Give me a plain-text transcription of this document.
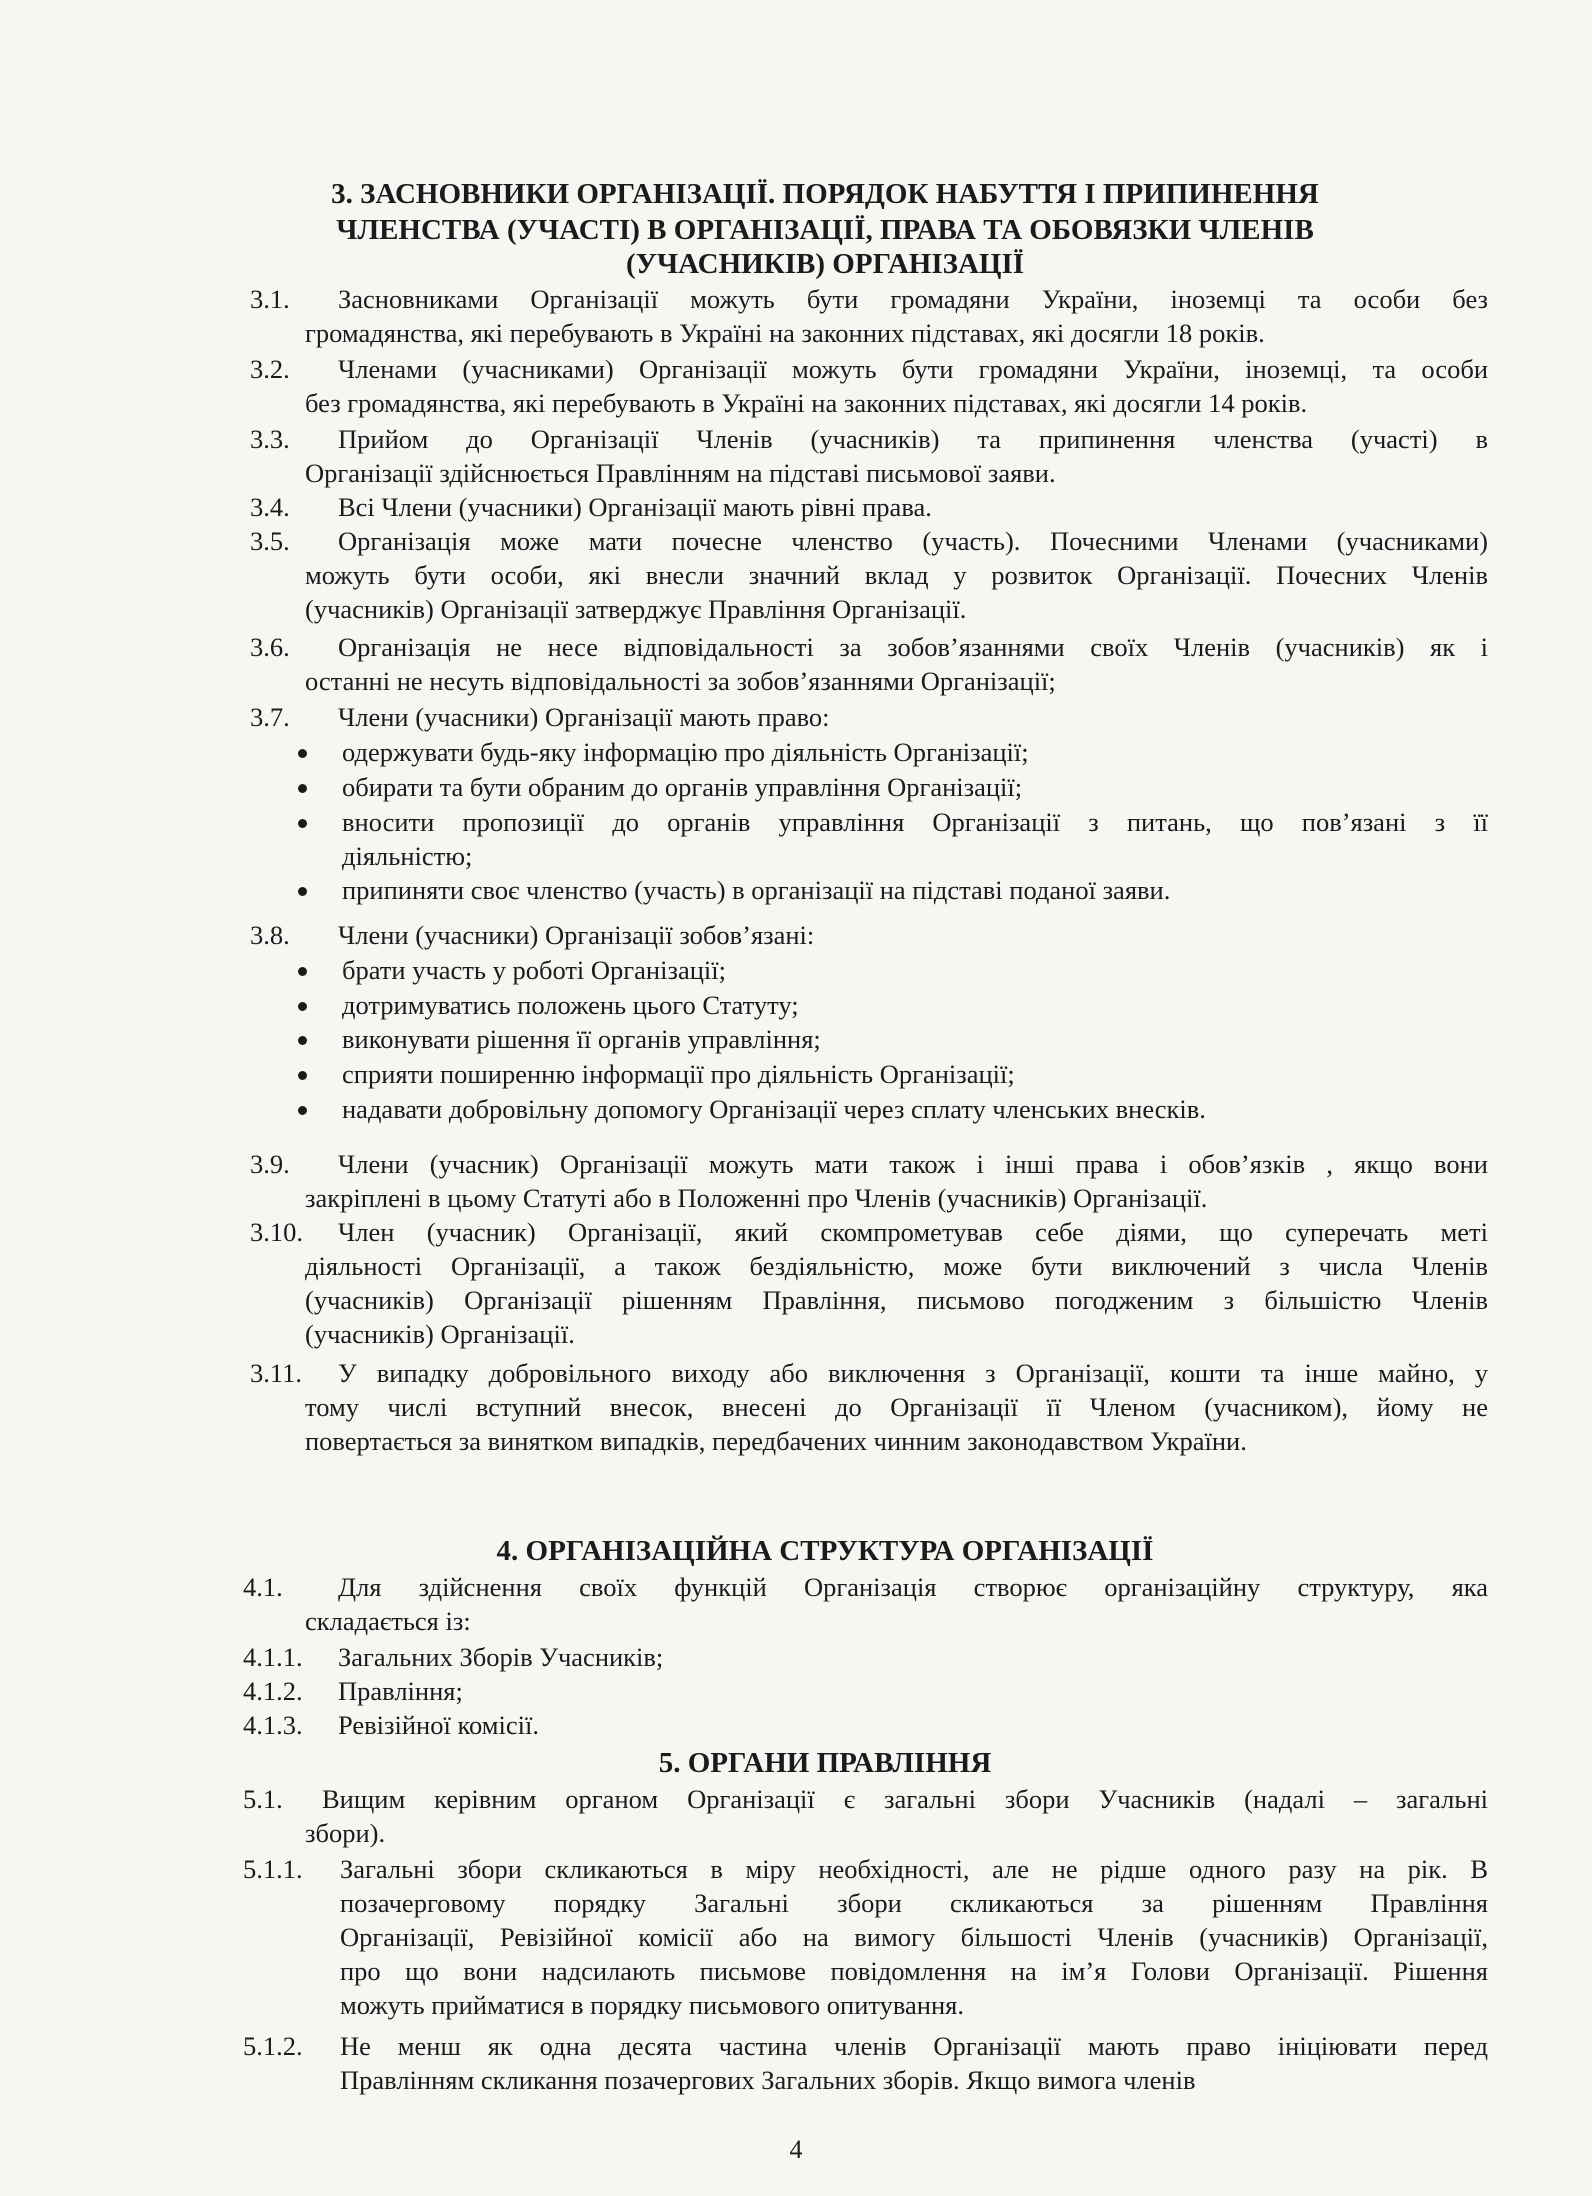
3. ЗАСНОВНИКИ ОРГАНІЗАЦІЇ. ПОРЯДОК НАБУТТЯ І ПРИПИНЕННЯ
ЧЛЕНСТВА (УЧАСТІ) В ОРГАНІЗАЦІЇ, ПРАВА ТА ОБОВЯЗКИ ЧЛЕНІВ
(УЧАСНИКІВ) ОРГАНІЗАЦІЇ
3.1. Засновниками Організації можуть бути громадяни України, іноземці та особи без
громадянства, які перебувають в Україні на законних підставах, які досягли 18 років.
3.2. Членами (учасниками) Організації можуть бути громадяни України, іноземці, та особи
без громадянства, які перебувають в Україні на законних підставах, які досягли 14 років.
3.3. Прийом до Організації Членів (учасників) та припинення членства (участі) в
Організації здійснюється Правлінням на підставі письмової заяви.
3.4. Всі Члени (учасники) Організації мають рівні права.
3.5. Організація може мати почесне членство (участь). Почесними Членами (учасниками)
можуть бути особи, які внесли значний вклад у розвиток Організації. Почесних Членів
(учасників) Організації затверджує Правління Організації.
3.6. Організація не несе відповідальності за зобов’язаннями своїх Членів (учасників) як і
останні не несуть відповідальності за зобов’язаннями Організації;
3.7. Члени (учасники) Організації мають право:
3.8. Члени (учасники) Організації зобов’язані:
3.9. Члени (учасник) Організації можуть мати також і інші права і обов’язків , якщо вони
закріплені в цьому Статуті або в Положенні про Членів (учасників) Організації.
3.10. Член (учасник) Організації, який скомпрометував себе діями, що суперечать меті
діяльності Організації, а також бездіяльністю, може бути виключений з числа Членів
(учасників) Організації рішенням Правління, письмово погодженим з більшістю Членів
(учасників) Організації.
3.11. У випадку добровільного виходу або виключення з Організації, кошти та інше майно, у
тому числі вступний внесок, внесені до Організації її Членом (учасником), йому не
повертається за винятком випадків, передбачених чинним законодавством України.
одержувати будь-яку інформацію про діяльність Організації;
обирати та бути обраним до органів управління Організації;
вносити пропозиції до органів управління Організації з питань, що пов’язані з її
діяльністю;
припиняти своє членство (участь) в організації на підставі поданої заяви.
брати участь у роботі Організації;
дотримуватись положень цього Статуту;
виконувати рішення її органів управління;
сприяти поширенню інформації про діяльність Організації;
надавати добровільну допомогу Організації через сплату членських внесків.
4. ОРГАНІЗАЦІЙНА СТРУКТУРА ОРГАНІЗАЦІЇ
4.1. Для здійснення своїх функцій Організація створює організаційну структуру, яка
складається із:
4.1.1. Загальних Зборів Учасників;
4.1.2. Правління;
4.1.3. Ревізійної комісії.
5. ОРГАНИ ПРАВЛІННЯ
5.1. Вищим керівним органом Організації є загальні збори Учасників (надалі – загальні
збори).
5.1.1. Загальні збори скликаються в міру необхідності, але не рідше одного разу на рік. В
позачерговому порядку Загальні збори скликаються за рішенням Правління
Організації, Ревізійної комісії або на вимогу більшості Членів (учасників) Організації,
про що вони надсилають письмове повідомлення на ім’я Голови Організації. Рішення
можуть прийматися в порядку письмового опитування.
5.1.2. Не менш як одна десята частина членів Організації мають право ініціювати перед
Правлінням скликання позачергових Загальних зборів. Якщо вимога членів
4
